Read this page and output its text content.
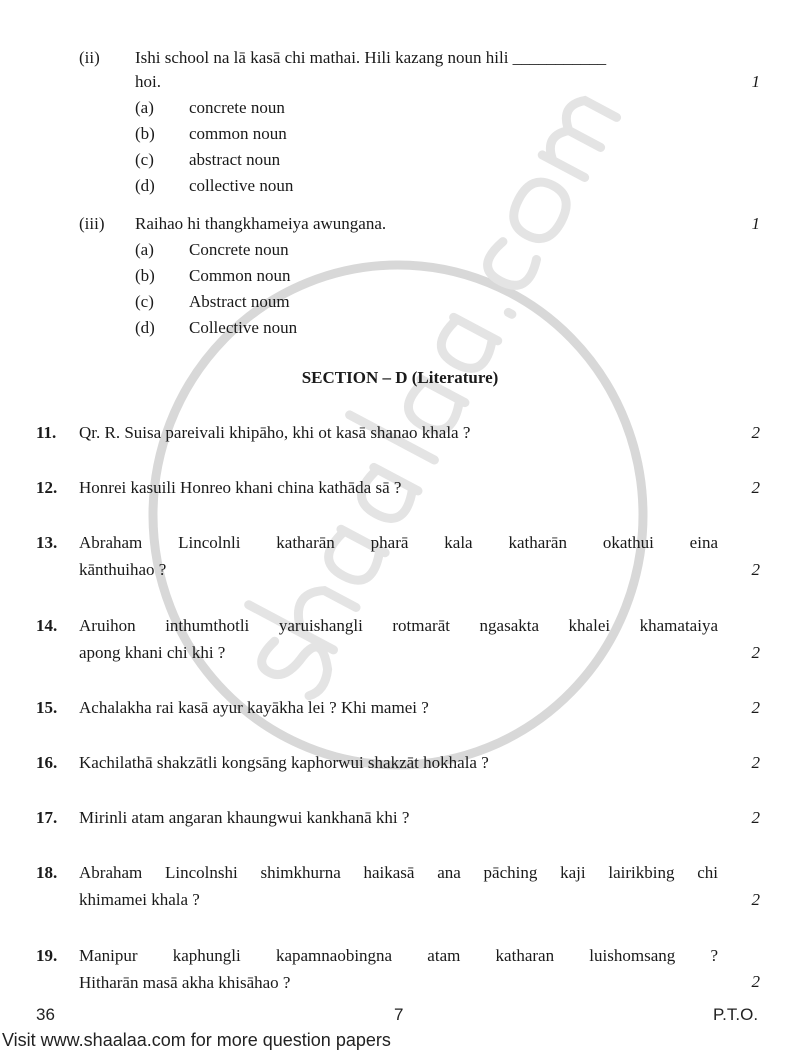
(ii) Ishi school na lā kasā chi mathai. Hili kazang noun hili ___________
hoi.	1
(a) concrete noun
(b) common noun
(c) abstract noun
(d) collective noun
(iii) Raihao hi thangkhameiya awungana.	1
(a) Concrete noun
(b) Common noun
(c) Abstract noum
(d) Collective noun
SECTION – D (Literature)
11.	Qr. R. Suisa pareivali khipāho, khi ot kasā shanao khala ?	2
12.	Honrei kasuili Honreo khani china kathāda sā ?	2
13.	Abraham Lincolnli katharān pharā kala katharān okathui eina
kānthuihao ?	2
14.	Aruihon inthumthotli yaruishangli rotmarāt ngasakta khalei khamataiya
apong khani chi khi ?	2
15.	Achalakha rai kasā ayur kayākha lei ? Khi mamei ?	2
16.	Kachilathā shakzātli kongsāng kaphorwui shakzāt hokhala ?	2
17.	Mirinli atam angaran khaungwui kankhanā khi ?	2
18.	Abraham Lincolnshi shimkhurna haikasā ana pāching kaji lairikbing chi
khimamei khala ?	2
19.	Manipur kaphungli kapamnaobingna atam katharan luishomsang ?
Hitharān masā akha khisāhao ?	2
36	7	P.T.O.
Visit www.shaalaa.com for more question papers
